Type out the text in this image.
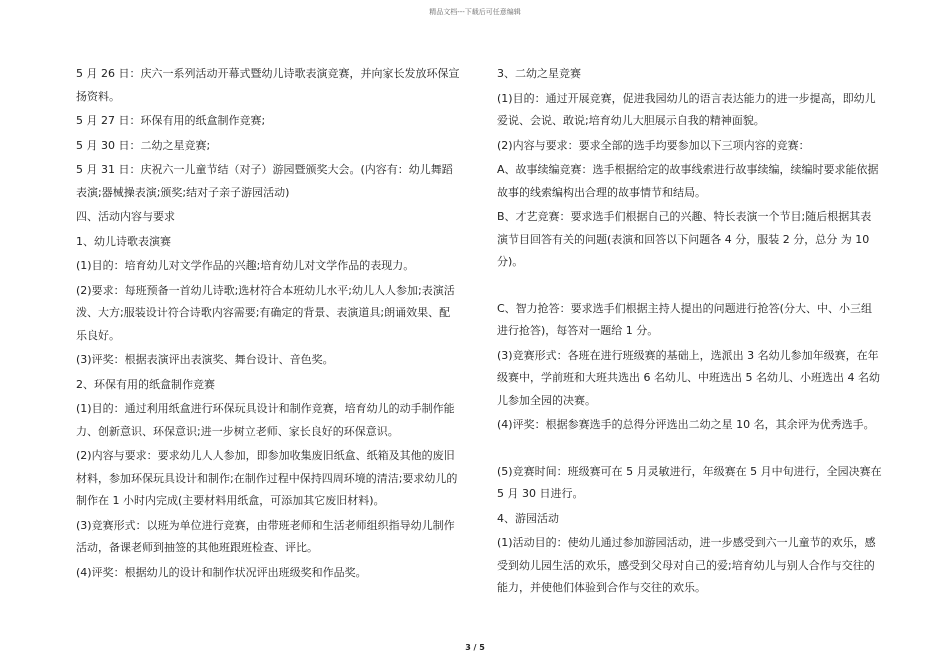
精品文档---下载后可任意编辑

5 月 26 日：庆六一系列活动开幕式暨幼儿诗歌表演竞赛，并向家长发放环保宣扬资料。

5 月 27 日：环保有用的纸盒制作竞赛;

5 月 30 日：二幼之星竞赛;

5 月 31 日：庆祝六一儿童节结（对子）游园暨颁奖大会。(内容有：幼儿舞蹈表演;器械操表演;颁奖;结对子亲子游园活动)

四、活动内容与要求

1、幼儿诗歌表演赛

(1)目的：培育幼儿对文学作品的兴趣;培育幼儿对文学作品的表现力。

(2)要求：每班预备一首幼儿诗歌;选材符合本班幼儿水平;幼儿人人参加;表演活泼、大方;服装设计符合诗歌内容需要;有确定的背景、表演道具;朗诵效果、配乐良好。

(3)评奖：根据表演评出表演奖、舞台设计、音色奖。

2、环保有用的纸盒制作竞赛

(1)目的：通过利用纸盒进行环保玩具设计和制作竞赛，培育幼儿的动手制作能力、创新意识、环保意识;进一步树立老师、家长良好的环保意识。

(2)内容与要求：要求幼儿人人参加，即参加收集废旧纸盒、纸箱及其他的废旧材料，参加环保玩具设计和制作;在制作过程中保持四周环境的清洁;要求幼儿的制作在 1 小时内完成(主要材料用纸盒，可添加其它废旧材料)。

(3)竞赛形式：以班为单位进行竞赛，由带班老师和生活老师组织指导幼儿制作活动，备课老师到抽签的其他班跟班检查、评比。

(4)评奖：根据幼儿的设计和制作状况评出班级奖和作品奖。

3、二幼之星竞赛

(1)目的：通过开展竞赛，促进我园幼儿的语言表达能力的进一步提高，即幼儿爱说、会说、敢说;培育幼儿大胆展示自我的精神面貌。

(2)内容与要求：要求全部的选手均要参加以下三项内容的竞赛：

A、故事续编竞赛：选手根据给定的故事线索进行故事续编，续编时要求能依据故事的线索编构出合理的故事情节和结局。

B、才艺竞赛：要求选手们根据自己的兴趣、特长表演一个节目;随后根据其表演节目回答有关的问题(表演和回答以下问题各 4 分，服装 2 分，总分 为 10 分)。

C、智力抢答：要求选手们根据主持人提出的问题进行抢答(分大、中、小三组进行抢答)，每答对一题给 1 分。

(3)竞赛形式：各班在进行班级赛的基础上，选派出 3 名幼儿参加年级赛，在年级赛中，学前班和大班共选出 6 名幼儿、中班选出 5 名幼儿、小班选出 4 名幼儿参加全园的决赛。

(4)评奖：根据参赛选手的总得分评选出二幼之星 10 名，其余评为优秀选手。

(5)竞赛时间：班级赛可在 5 月灵敏进行，年级赛在 5 月中旬进行，全园决赛在 5 月 30 日进行。

4、游园活动

(1)活动目的：使幼儿通过参加游园活动，进一步感受到六一儿童节的欢乐，感受到幼儿园生活的欢乐，感受到父母对自己的爱;培育幼儿与别人合作与交往的能力，并使他们体验到合作与交往的欢乐。

3 / 5
